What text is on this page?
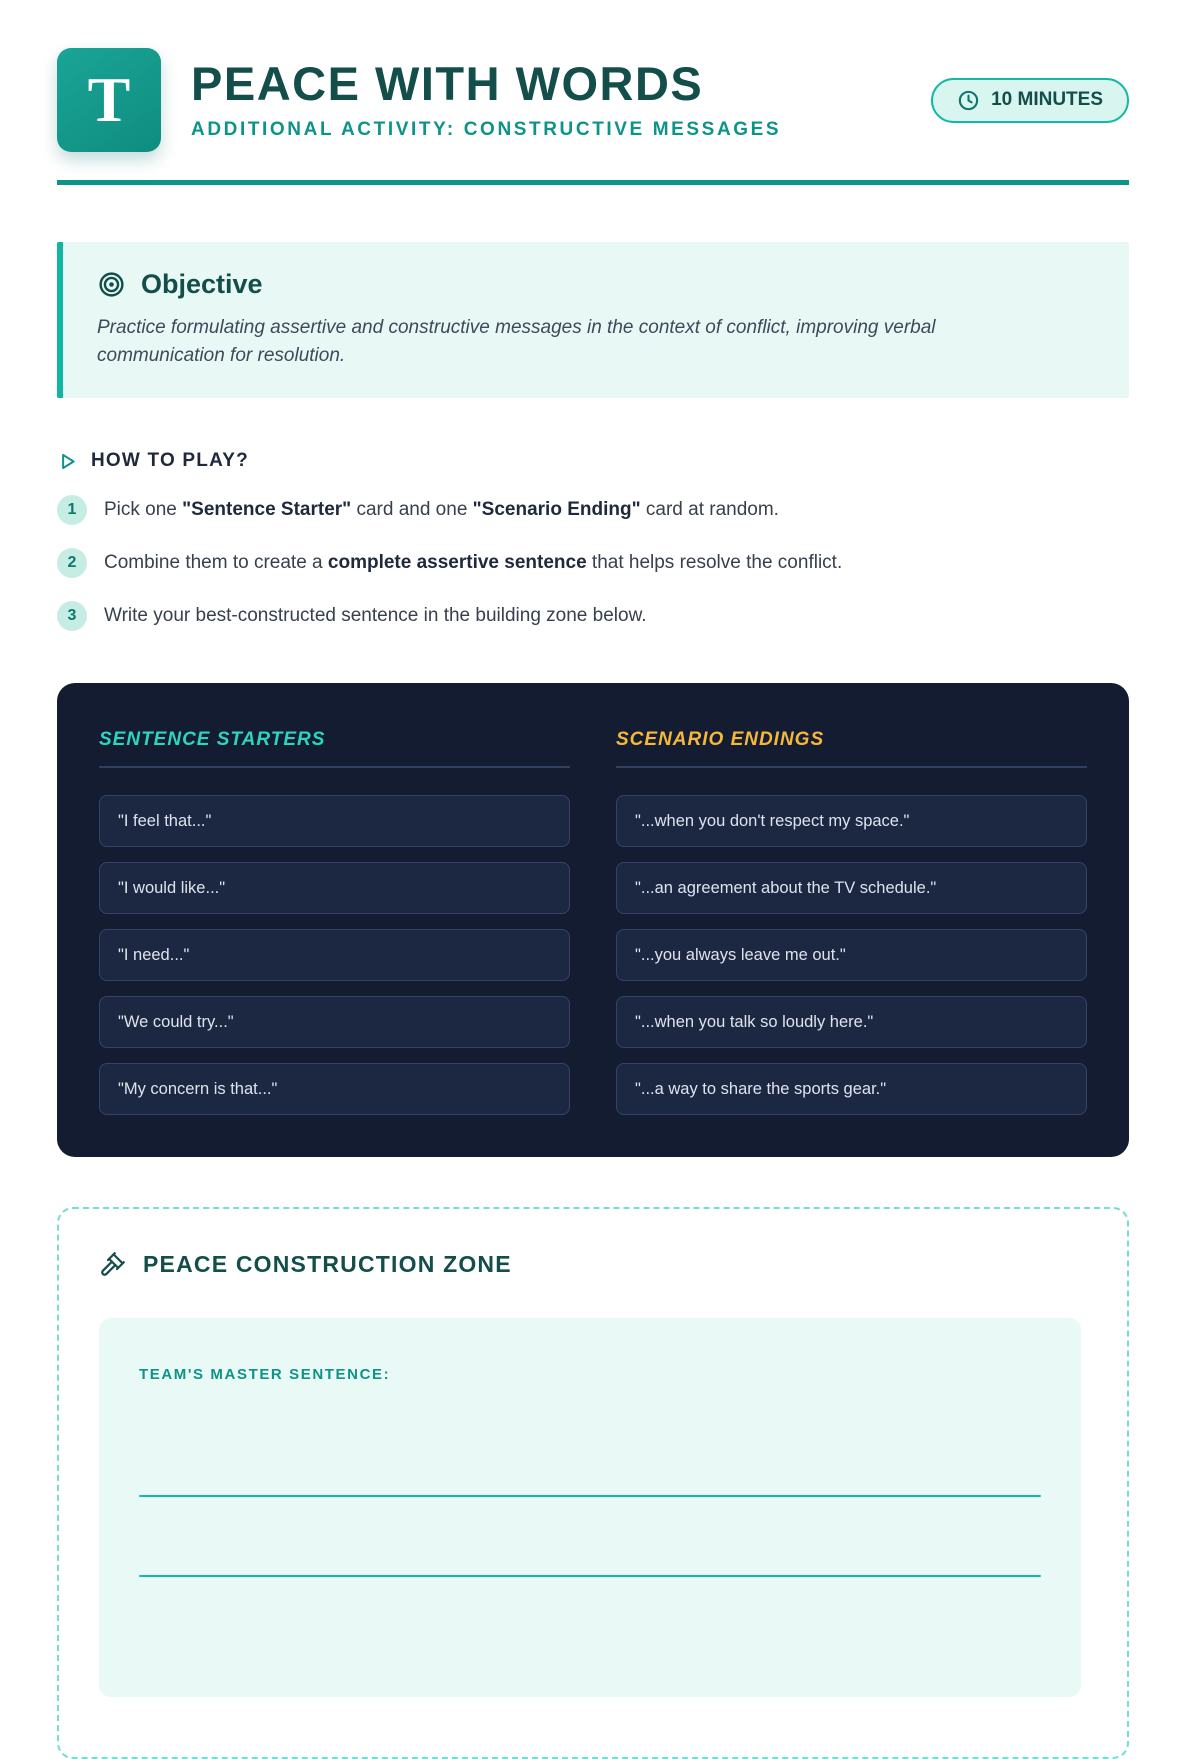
T PEACE WITH WORDS
ADDITIONAL ACTIVITY: CONSTRUCTIVE MESSAGES
10 MINUTES
Objective

Practice formulating assertive and constructive messages in the context of conflict, improving verbal communication for resolution.

HOW TO PLAY?
1	Pick one "Sentence Starter" card and one "Scenario Ending" card at random.

2	Combine them to create a complete assertive sentence that helps resolve the conflict.

3	Write your best-constructed sentence in the building zone below.

SENTENCE STARTERS
"I feel that..."
"I would like..."
"I need..."
"We could try..."
"My concern is that..."
SCENARIO ENDINGS
"...when you don't respect my space."
"...an agreement about the TV schedule."
"...you always leave me out."
"...when you talk so loudly here."
"...a way to share the sports gear."
PEACE CONSTRUCTION ZONE
TEAM'S MASTER SENTENCE:
